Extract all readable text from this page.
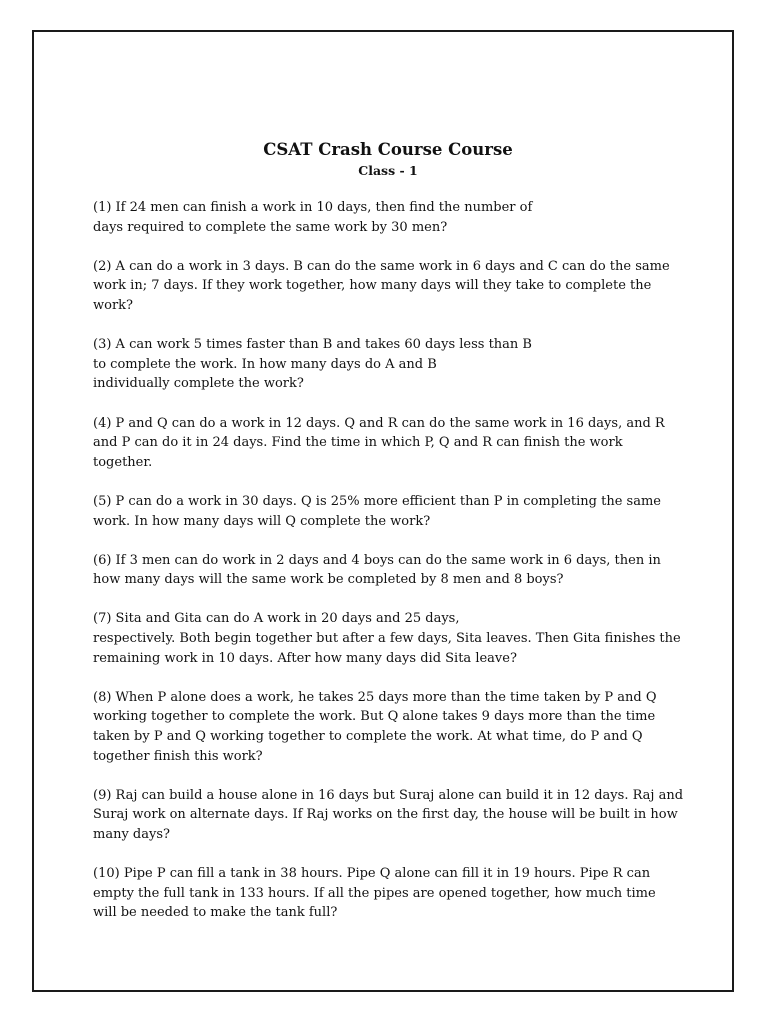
CSAT Crash Course Course
Class - 1

(1) If 24 men can finish a work in 10 days, then find the number of
days required to complete the same work by 30 men?

(2) A can do a work in 3 days. B can do the same work in 6 days and C can do the same
work in; 7 days. If they work together, how many days will they take to complete the
work?

(3) A can work 5 times faster than B and takes 60 days less than B
to complete the work. In how many days do A and B
individually complete the work?

(4) P and Q can do a work in 12 days. Q and R can do the same work in 16 days, and R
and P can do it in 24 days. Find the time in which P, Q and R can finish the work
together.

(5) P can do a work in 30 days. Q is 25% more efficient than P in completing the same
work. In how many days will Q complete the work?

(6) If 3 men can do work in 2 days and 4 boys can do the same work in 6 days, then in
how many days will the same work be completed by 8 men and 8 boys?

(7) Sita and Gita can do A work in 20 days and 25 days,
respectively. Both begin together but after a few days, Sita leaves. Then Gita finishes the
remaining work in 10 days. After how many days did Sita leave?

(8) When P alone does a work, he takes 25 days more than the time taken by P and Q
working together to complete the work. But Q alone takes 9 days more than the time
taken by P and Q working together to complete the work. At what time, do P and Q
together finish this work?

(9) Raj can build a house alone in 16 days but Suraj alone can build it in 12 days. Raj and
Suraj work on alternate days. If Raj works on the first day, the house will be built in how
many days?

(10) Pipe P can fill a tank in 38 hours. Pipe Q alone can fill it in 19 hours. Pipe R can
empty the full tank in 133 hours. If all the pipes are opened together, how much time
will be needed to make the tank full?
